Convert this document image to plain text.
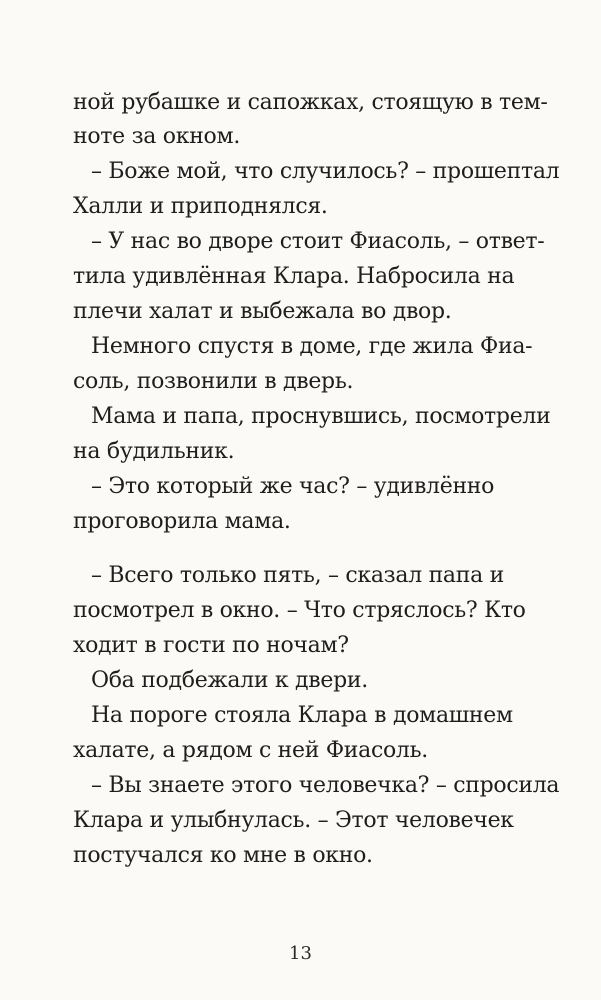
ной рубашке и сапожках, стоящую в тем-
ноте за окном.
– Боже мой, что случилось? – прошептал
Халли и приподнялся.
– У нас во дворе стоит Фиасоль, – ответ-
тила удивлённая Клара. Набросила на
плечи халат и выбежала во двор.
Немного спустя в доме, где жила Фиа-
соль, позвонили в дверь.
Мама и папа, проснувшись, посмотрели
на будильник.
– Это который же час? – удивлённо
проговорила мама.
– Всего только пять, – сказал папа и
посмотрел в окно. – Что стряслось? Кто
ходит в гости по ночам?
Оба подбежали к двери.
На пороге стояла Клара в домашнем
халате, а рядом с ней Фиасоль.
– Вы знаете этого человечка? – спросила
Клара и улыбнулась. – Этот человечек
постучался ко мне в окно.
13
